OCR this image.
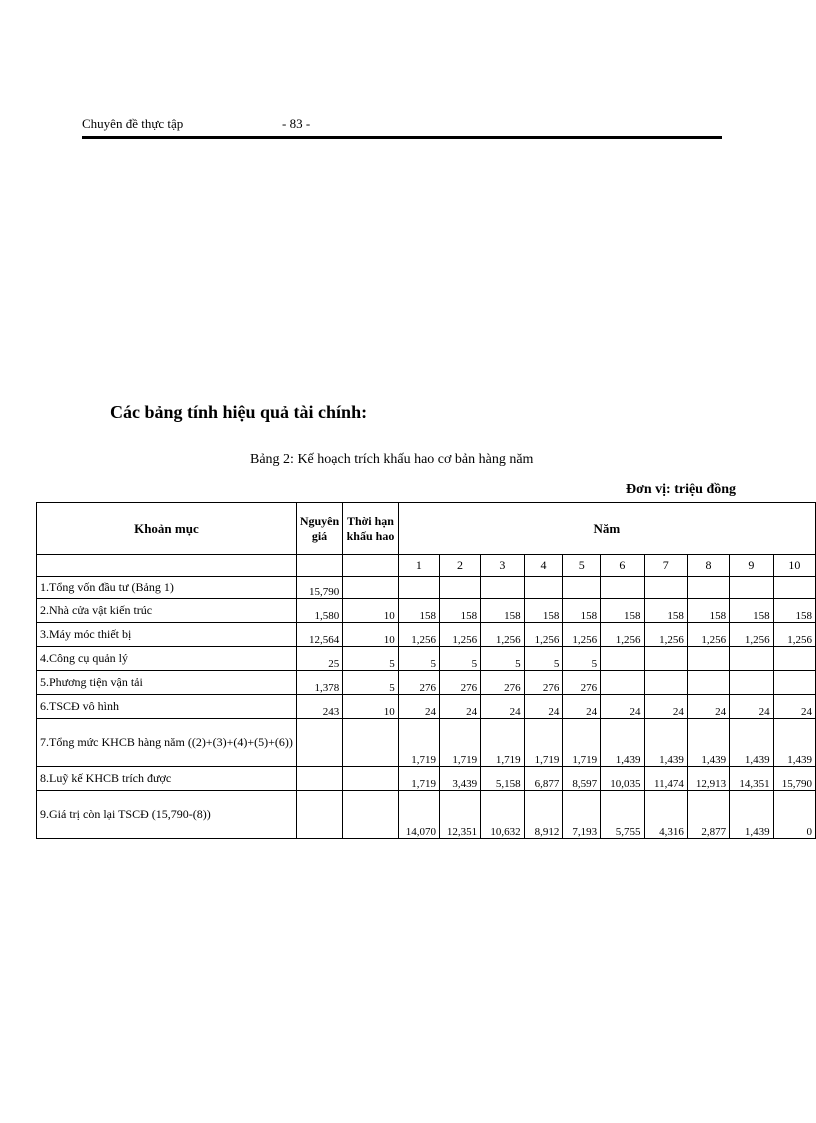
Chuyên đề thực tập	- 83 -
Các bảng tính hiệu quả tài chính:
Bảng 2: Kế hoạch trích khấu hao cơ bản hàng năm
Đơn vị: triệu đồng
Khoản mục	Nguyên giá	Thời hạn khấu hao	Năm									
			1	2	3	4	5	6	7	8	9	10
1.Tổng vốn đầu tư (Bảng 1)	15,790											
2.Nhà cửa vật kiến trúc	1,580	10	158	158	158	158	158	158	158	158	158	158
3.Máy móc thiết bị	12,564	10	1,256	1,256	1,256	1,256	1,256	1,256	1,256	1,256	1,256	1,256
4.Công cụ quản lý	25	5	5	5	5	5	5					
5.Phương tiện vận tải	1,378	5	276	276	276	276	276					
6.TSCĐ vô hình	243	10	24	24	24	24	24	24	24	24	24	24
7.Tổng mức KHCB hàng năm ((2)+(3)+(4)+(5)+(6))			1,719	1,719	1,719	1,719	1,719	1,439	1,439	1,439	1,439	1,439
8.Luỹ kế KHCB trích được			1,719	3,439	5,158	6,877	8,597	10,035	11,474	12,913	14,351	15,790
9.Giá trị còn lại TSCĐ (15,790-(8))			14,070	12,351	10,632	8,912	7,193	5,755	4,316	2,877	1,439	0
